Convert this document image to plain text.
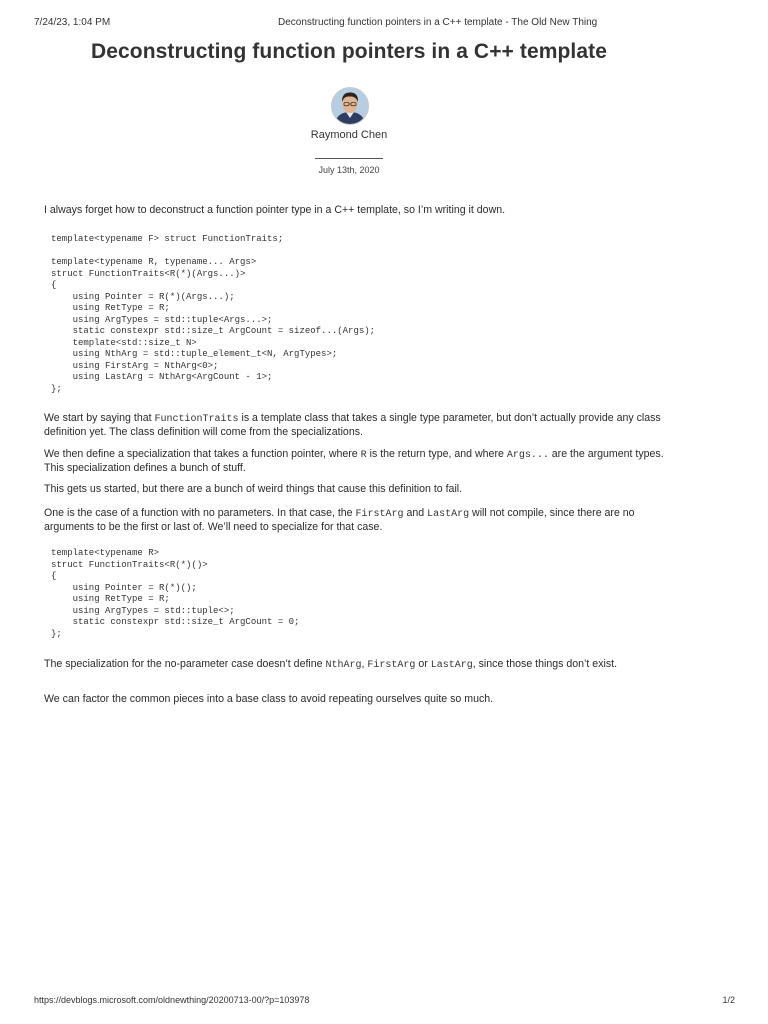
7/24/23, 1:04 PM	Deconstructing function pointers in a C++ template - The Old New Thing
Deconstructing function pointers in a C++ template
Raymond Chen
July 13th, 2020

I always forget how to deconstruct a function pointer type in a C++ template, so I’m writing it down.

template<typename F> struct FunctionTraits;

template<typename R, typename... Args>
struct FunctionTraits<R(*)(Args...)>
{
using Pointer = R(*)(Args...);
using RetType = R;
using ArgTypes = std::tuple<Args...>;
static constexpr std::size_t ArgCount = sizeof...(Args);
template<std::size_t N>
using NthArg = std::tuple_element_t<N, ArgTypes>;
using FirstArg = NthArg<0>;
using LastArg = NthArg<ArgCount - 1>;
};

We start by saying that FunctionTraits is a template class that takes a single type parameter, but don’t actually provide any class definition yet. The class definition will come from the specializations.

We then define a specialization that takes a function pointer, where R is the return type, and where Args... are the argument types. This specialization defines a bunch of stuff.

This gets us started, but there are a bunch of weird things that cause this definition to fail.

One is the case of a function with no parameters. In that case, the FirstArg and LastArg will not compile, since there are no arguments to be the first or last of. We’ll need to specialize for that case.

template<typename R>
struct FunctionTraits<R(*)()>
{
using Pointer = R(*)();
using RetType = R;
using ArgTypes = std::tuple<>;
static constexpr std::size_t ArgCount = 0;
};

The specialization for the no-parameter case doesn’t define NthArg, FirstArg or LastArg, since those things don’t exist.

We can factor the common pieces into a base class to avoid repeating ourselves quite so much.

https://devblogs.microsoft.com/oldnewthing/20200713-00/?p=103978	1/2
